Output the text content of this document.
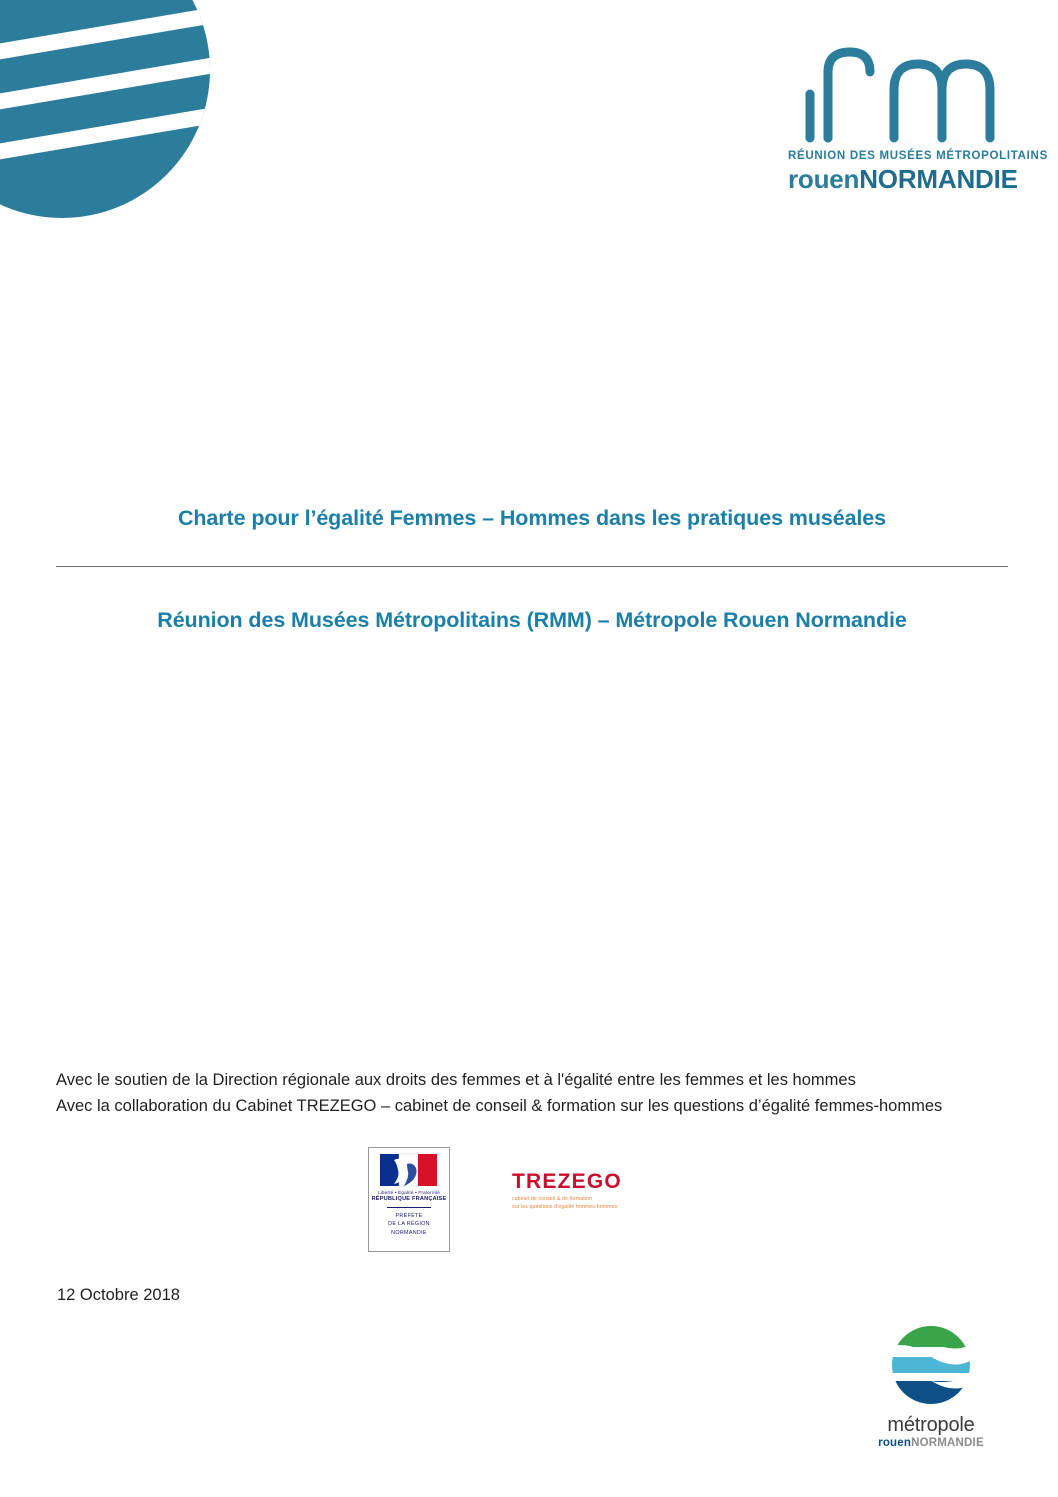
RÉUNION DES MUSÉES MÉTROPOLITAINS
rouenNORMANDIE
Charte pour l’égalité Femmes – Hommes dans les pratiques muséales
Réunion des Musées Métropolitains (RMM) – Métropole Rouen Normandie
Avec le soutien de la Direction régionale aux droits des femmes et à l'égalité entre les femmes et les hommes
Avec la collaboration du Cabinet TREZEGO – cabinet de conseil & formation sur les questions d’égalité femmes-hommes
Liberté • Égalité • Fraternité
RÉPUBLIQUE FRANÇAISE
PRÉFÈTE
DE LA RÉGION
NORMANDIE
TREZEGO
cabinet de conseil & de formation
sur les questions d’égalité femmes-hommes
12 Octobre 2018
métropole
rouenNORMANDIE
